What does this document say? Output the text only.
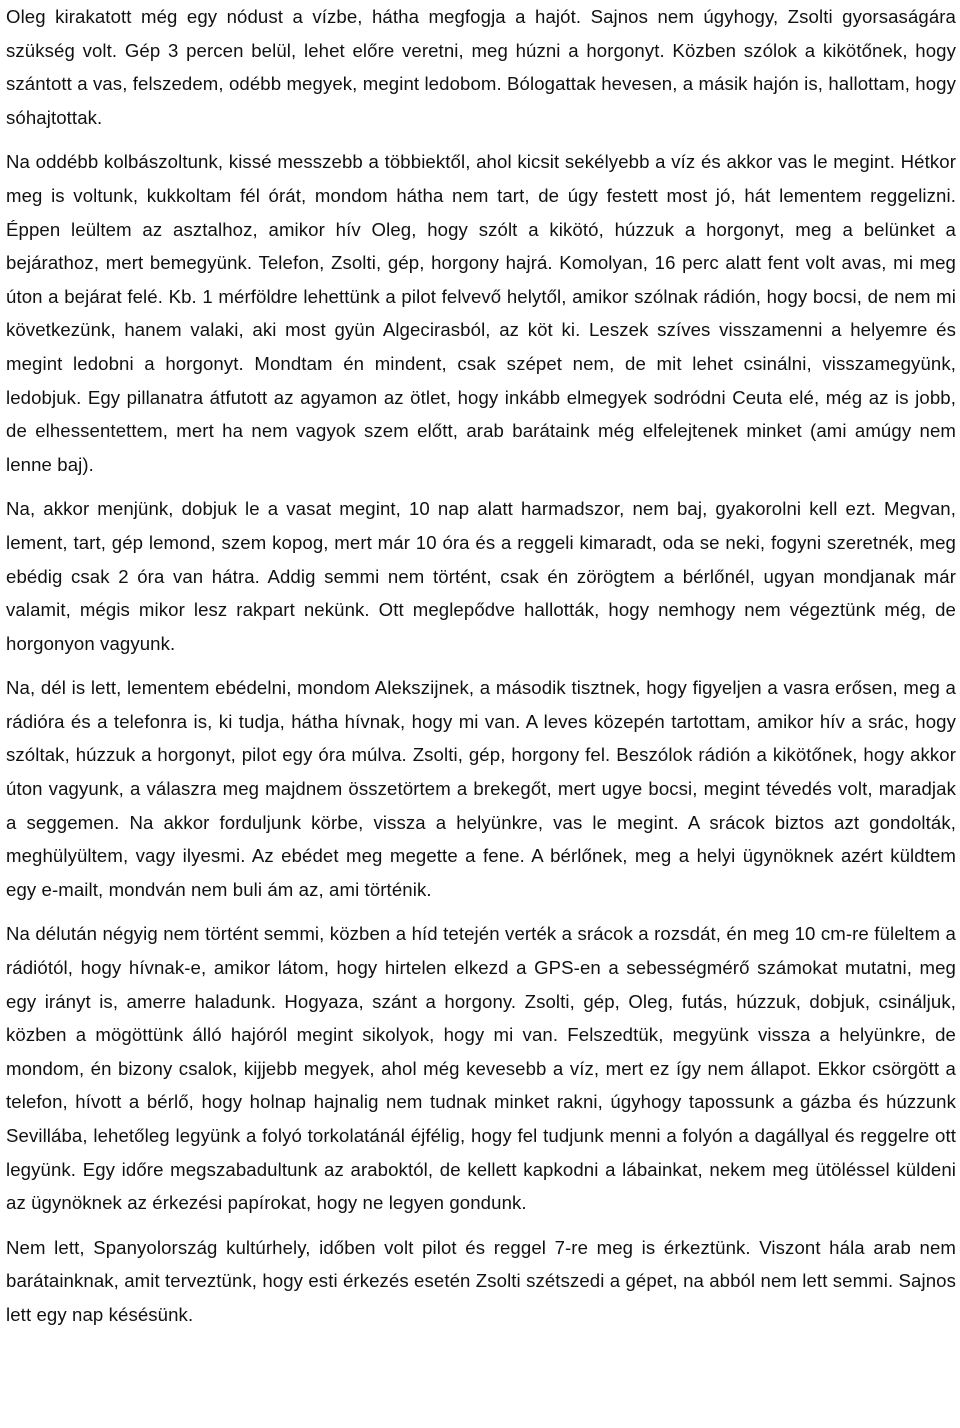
Oleg kirakatott még egy nódust a vízbe, hátha megfogja a hajót. Sajnos nem úgyhogy, Zsolti gyorsaságára szükség volt. Gép 3 percen belül, lehet előre veretni, meg húzni a horgonyt. Közben szólok a kikötőnek, hogy szántott a vas, felszedem, odébb megyek, megint ledobom. Bólogattak hevesen, a másik hajón is, hallottam, hogy sóhajtottak.

Na oddébb kolbászoltunk, kissé messzebb a többiektől, ahol kicsit sekélyebb a víz és akkor vas le megint. Hétkor meg is voltunk, kukkoltam fél órát, mondom hátha nem tart, de úgy festett most jó, hát lementem reggelizni. Éppen leültem az asztalhoz, amikor hív Oleg, hogy szólt a kikötó, húzzuk a horgonyt, meg a belünket a bejárathoz, mert bemegyünk. Telefon, Zsolti, gép, horgony hajrá. Komolyan, 16 perc alatt fent volt avas, mi meg úton a bejárat felé. Kb. 1 mérföldre lehettünk a pilot felvevő helytől, amikor szólnak rádión, hogy bocsi, de nem mi következünk, hanem valaki, aki most gyün Algecirasból, az köt ki. Leszek szíves visszamenni a helyemre és megint ledobni a horgonyt. Mondtam én mindent, csak szépet nem, de mit lehet csinálni, visszamegyünk, ledobjuk. Egy pillanatra átfutott az agyamon az ötlet, hogy inkább elmegyek sodródni Ceuta elé, még az is jobb, de elhessentettem, mert ha nem vagyok szem előtt, arab barátaink még elfelejtenek minket (ami amúgy nem lenne baj).

Na, akkor menjünk, dobjuk le a vasat megint, 10 nap alatt harmadszor, nem baj, gyakorolni kell ezt. Megvan, lement, tart, gép lemond, szem kopog, mert már 10 óra és a reggeli kimaradt, oda se neki, fogyni szeretnék, meg ebédig csak 2 óra van hátra. Addig semmi nem történt, csak én zörögtem a bérlőnél, ugyan mondjanak már valamit, mégis mikor lesz rakpart nekünk. Ott meglepődve hallották, hogy nemhogy nem végeztünk még, de horgonyon vagyunk.

Na, dél is lett, lementem ebédelni, mondom Alekszijnek, a második tisztnek, hogy figyeljen a vasra erősen, meg a rádióra és a telefonra is, ki tudja, hátha hívnak, hogy mi van. A leves közepén tartottam, amikor hív a srác, hogy szóltak, húzzuk a horgonyt, pilot egy óra múlva. Zsolti, gép, horgony fel. Beszólok rádión a kikötőnek, hogy akkor úton vagyunk, a válaszra meg majdnem összetörtem a brekegőt, mert ugye bocsi, megint tévedés volt, maradjak a seggemen. Na akkor forduljunk körbe, vissza a helyünkre, vas le megint. A srácok biztos azt gondolták, meghülyültem, vagy ilyesmi. Az ebédet meg megette a fene. A bérlőnek, meg a helyi ügynöknek azért küldtem egy e-mailt, mondván nem buli ám az, ami történik.

Na délután négyig nem történt semmi, közben a híd tetején verték a srácok a rozsdát, én meg 10 cm-re füleltem a rádiótól, hogy hívnak-e, amikor látom, hogy hirtelen elkezd a GPS-en a sebességmérő számokat mutatni, meg egy irányt is, amerre haladunk. Hogyaza, szánt a horgony. Zsolti, gép, Oleg, futás, húzzuk, dobjuk, csináljuk, közben a mögöttünk álló hajóról megint sikolyok, hogy mi van. Felszedtük, megyünk vissza a helyünkre, de mondom, én bizony csalok, kijjebb megyek, ahol még kevesebb a víz, mert ez így nem állapot. Ekkor csörgött a telefon, hívott a bérlő, hogy holnap hajnalig nem tudnak minket rakni, úgyhogy tapossunk a gázba és húzzunk Sevillába, lehetőleg legyünk a folyó torkolatánál éjfélig, hogy fel tudjunk menni a folyón a dagállyal és reggelre ott legyünk. Egy időre megszabadultunk az araboktól, de kellett kapkodni a lábainkat, nekem meg ütöléssel küldeni az ügynöknek az érkezési papírokat, hogy ne legyen gondunk.

Nem lett, Spanyolország kultúrhely, időben volt pilot és reggel 7-re meg is érkeztünk. Viszont hála arab nem barátainknak, amit terveztünk, hogy esti érkezés esetén Zsolti szétszedi a gépet, na abból nem lett semmi. Sajnos lett egy nap késésünk.
